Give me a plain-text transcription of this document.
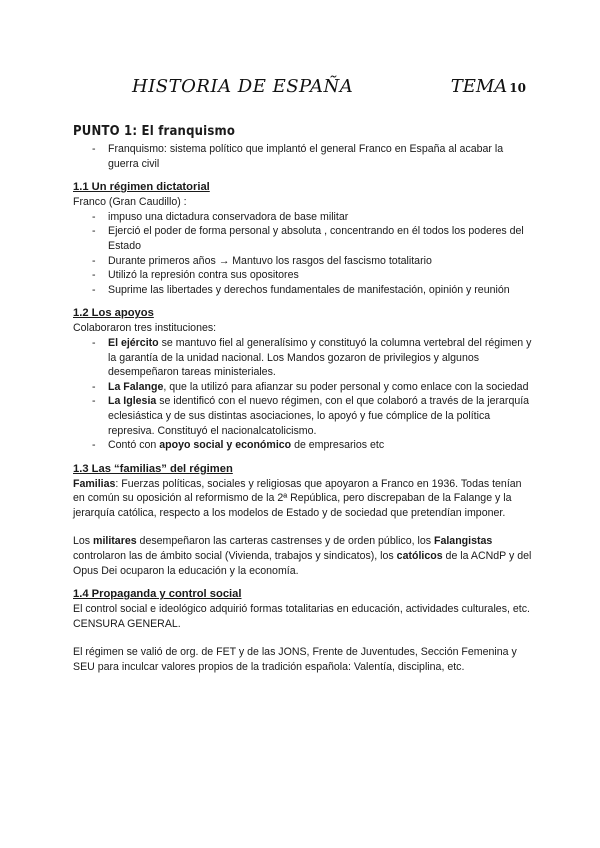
HISTORIA DE ESPAÑA	TEMA 10
PUNTO 1: El franquismo
- Franquismo: sistema político que implantó el general Franco en España al acabar la guerra civil
1.1 Un régimen dictatorial

Franco (Gran Caudillo) :

- impuso una dictadura conservadora de base militar
- Ejerció el poder de forma personal y absoluta , concentrando en él todos los poderes del Estado
- Durante primeros años → Mantuvo los rasgos del fascismo totalitario
- Utilizó la represión contra sus opositores
- Suprime las libertades y derechos fundamentales de manifestación, opinión y reunión
1.2 Los apoyos

Colaboraron tres instituciones:

- El ejército se mantuvo fiel al generalísimo y constituyó la columna vertebral del régimen y la garantía de la unidad nacional. Los Mandos gozaron de privilegios y algunos desempeñaron tareas ministeriales.
- La Falange, que la utilizó para afianzar su poder personal y como enlace con la sociedad
- La Iglesia se identificó con el nuevo régimen, con el que colaboró a través de la jerarquía eclesiástica y de sus distintas asociaciones, lo apoyó y fue cómplice de la política represiva. Constituyó el nacionalcatolicismo.
- Contó con apoyo social y económico de empresarios etc
1.3 Las “familias” del régimen

Familias: Fuerzas políticas, sociales y religiosas que apoyaron a Franco en 1936. Todas tenían en común su oposición al reformismo de la 2ª República, pero discrepaban de la Falange y la jerarquía católica, respecto a los modelos de Estado y de sociedad que pretendían imponer.

Los militares desempeñaron las carteras castrenses y de orden público, los Falangistas controlaron las de ámbito social (Vivienda, trabajos y sindicatos), los católicos de la ACNdP y del Opus Dei ocuparon la educación y la economía.

1.4 Propaganda y control social

El control social e ideológico adquirió formas totalitarias en educación, actividades culturales, etc. CENSURA GENERAL.

El régimen se valió de org. de FET y de las JONS, Frente de Juventudes, Sección Femenina y SEU para inculcar valores propios de la tradición española: Valentía, disciplina, etc.
